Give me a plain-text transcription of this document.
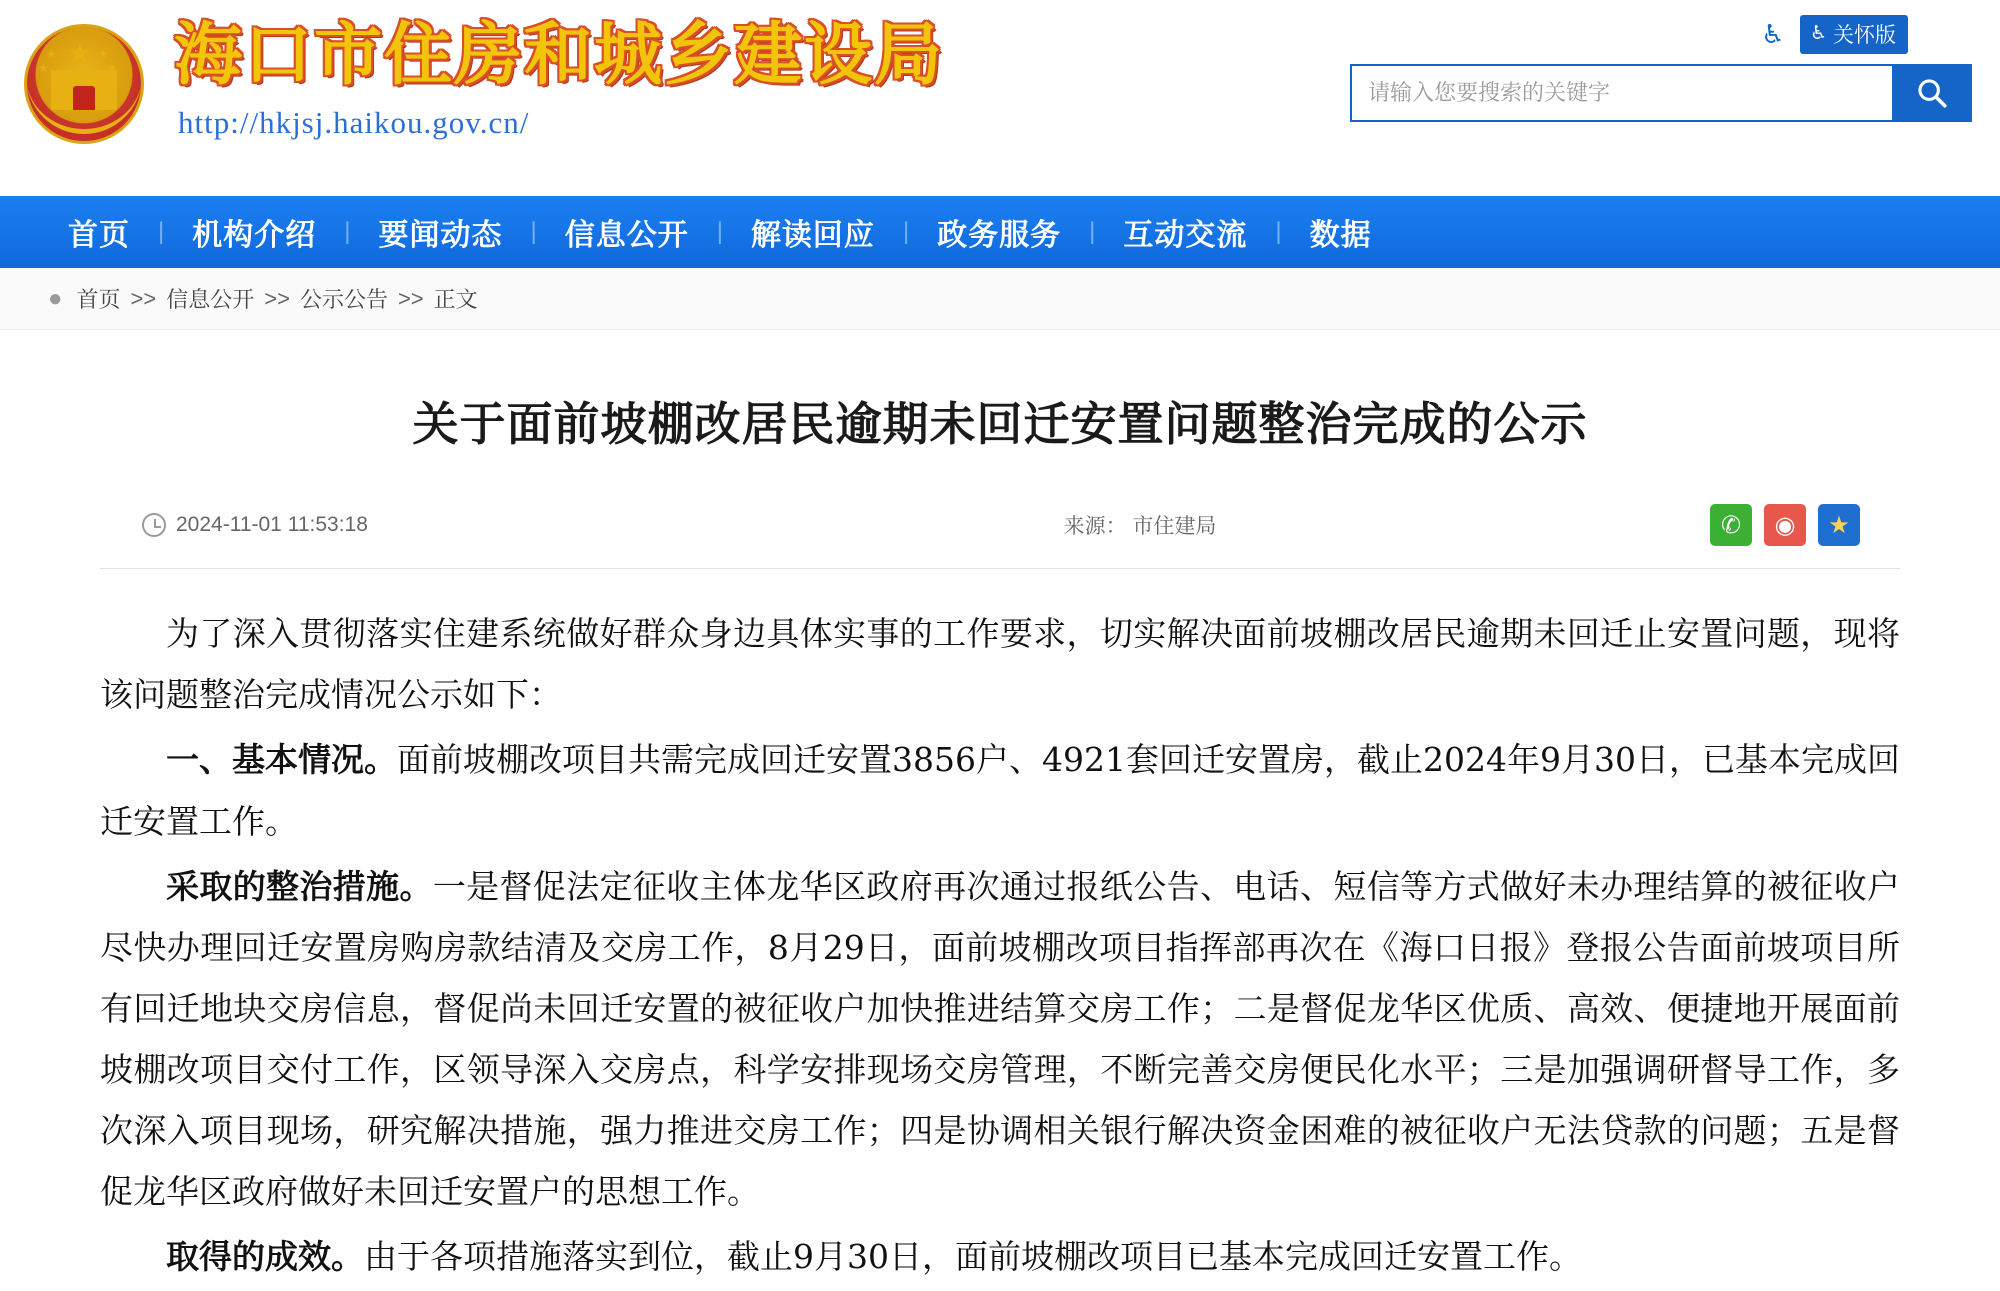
★
★
★
★
★ 海口市住房和城乡建设局
http://hkjsj.haikou.gov.cn/
♿ ♿ 关怀版
请输入您要搜索的关键字
首页	| 机构介绍	| 要闻动态	| 信息公开	| 解读回应	| 政务服务	| 互动交流	| 数据
● 首页 >> 信息公开 >> 公示公告 >> 正文
关于面前坡棚改居民逾期未回迁安置问题整治完成的公示
2024-11-01 11:53:18	来源： 市住建局	✆	◉	★

为了深入贯彻落实住建系统做好群众身边具体实事的工作要求，切实解决面前坡棚改居民逾期未回迁止安置问题，现将该问题整治完成情况公示如下：

一、基本情况。面前坡棚改项目共需完成回迁安置3856户、4921套回迁安置房，截止2024年9月30日，已基本完成回迁安置工作。

采取的整治措施。一是督促法定征收主体龙华区政府再次通过报纸公告、电话、短信等方式做好未办理结算的被征收户尽快办理回迁安置房购房款结清及交房工作，8月29日，面前坡棚改项目指挥部再次在《海口日报》登报公告面前坡项目所有回迁地块交房信息，督促尚未回迁安置的被征收户加快推进结算交房工作；二是督促龙华区优质、高效、便捷地开展面前坡棚改项目交付工作，区领导深入交房点，科学安排现场交房管理，不断完善交房便民化水平；三是加强调研督导工作，多次深入项目现场，研究解决措施，强力推进交房工作；四是协调相关银行解决资金困难的被征收户无法贷款的问题；五是督促龙华区政府做好未回迁安置户的思想工作。

取得的成效。由于各项措施落实到位，截止9月30日，面前坡棚改项目已基本完成回迁安置工作。
